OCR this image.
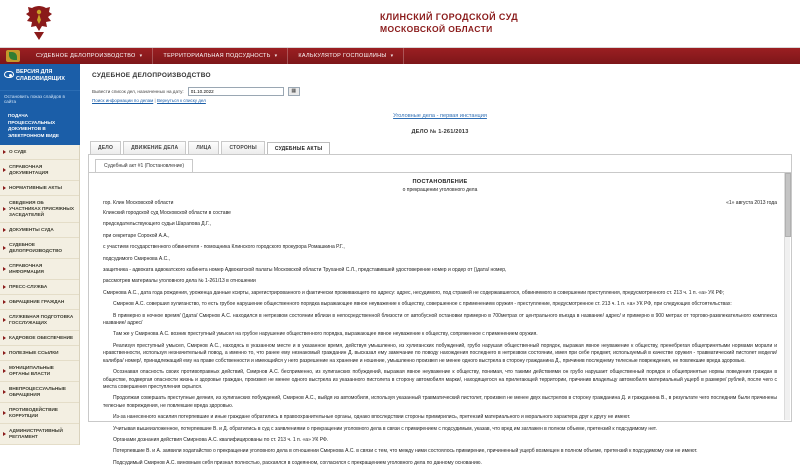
КЛИНСКИЙ ГОРОДСКОЙ СУД
МОСКОВСКОЙ ОБЛАСТИ
СУДЕБНОЕ ДЕЛОПРОИЗВОДСТВО ▾	ТЕРРИТОРИАЛЬНАЯ ПОДСУДНОСТЬ ▾	КАЛЬКУЛЯТОР ГОСПОШЛИНЫ ▾
ВЕРСИЯ ДЛЯ
СЛАБОВИДЯЩИХ
Остановить показ слайдов в сайта
ПОДАЧА ПРОЦЕССУАЛЬНЫХ ДОКУМЕНТОВ В ЭЛЕКТРОННОМ ВИДЕ
О СУДЕ
СПРАВОЧНАЯ ДОКУМЕНТАЦИЯ
НОРМАТИВНЫЕ АКТЫ
СВЕДЕНИЯ ОБ УЧАСТНИКАХ ПРИСЯЖНЫХ ЗАСЕДАТЕЛЕЙ
ДОКУМЕНТЫ СУДА
СУДЕБНОЕ ДЕЛОПРОИЗВОДСТВО
СПРАВОЧНАЯ ИНФОРМАЦИЯ
ПРЕСС-СЛУЖБА
ОБРАЩЕНИЕ ГРАЖДАН
СЛУЖЕБНАЯ ПОДГОТОВКА ГОССЛУЖАЩИХ
КАДРОВОЕ ОБЕСПЕЧЕНИЕ
ПОЛЕЗНЫЕ ССЫЛКИ
МУНИЦИПАЛЬНЫЕ ОРГАНЫ ВЛАСТИ
ВНЕПРОЦЕССУАЛЬНЫЕ ОБРАЩЕНИЯ
ПРОТИВОДЕЙСТВИЕ КОРРУПЦИИ
АДМИНИСТРАТИВНЫЙ РЕГЛАМЕНТ
СУДЕБНОЕ ДЕЛОПРОИЗВОДСТВО
Вывести список дел, назначенных на дату:
01.10.2022	▦
Поиск информации по делам | Вернуться к списку дел
Уголовные дела - первая инстанция
ДЕЛО № 1-261/2013
ДЕЛО	ДВИЖЕНИЕ ДЕЛА	ЛИЦА	СТОРОНЫ	СУДЕБНЫЕ АКТЫ
Судебный акт #1 (Постановление)
ПОСТАНОВЛЕНИЕ
о прекращении уголовного дела
гор. Клин Московской области	«1» августа 2013 года
Клинский городской суд Московской области в составе
председательствующего судьи Шарапова Д.Г.,
при секретаре Сорокой А.А.,
с участием государственного обвинителя - помощника Клинского городского прокурора Ромашкина Р.Г.,
подсудимого Смирнова А.С.,
защитника - адвоката адвокатского кабинета номер Адвокатской палаты Московской области Труханой С.Л., представившей удостоверение номер и ордер от ()дата/ номер,
рассмотрев материалы уголовного дела № 1-261/13 в отношении
Смирнова А.С., дата года рождения, уроженца данные ксирты, зарегистрированного и фактически проживающего по адресу: адрес, несудимого, под стражей не содержавшегося, обвиняемого в совершении преступления, предусмотренного ст. 213 ч. 1 п. «а» УК РФ;
Смирнов А.С. совершил хулиганство, то есть грубое нарушение общественного порядка выражающее явное неуважение к обществу, совершенное с применением оружия - преступление, предусмотренное ст. 213 ч. 1 п. «а» УК РФ, при следующих обстоятельствах:
В примерно в ночное время/ ()дата/ Смирнов А.С. находился в нетрезвом состоянии вблизи в непосредственной близости от автобусной остановки примерно в 700метрах от центрального въезда в название/ адрес/ и примерно в 900 метрах от торгово-развлекательного комплекса название/ адрес/
Там же у Смирнова А.С. возник преступный умысел на грубое нарушение общественного порядка, выражающее явное неуважение к обществу, сопряженное с применением оружия.
Реализуя преступный умысел, Смирнов А.С., находясь в указанном месте и в указанное время, действуя умышленно, из хулиганских побуждений, грубо нарушая общественный порядок, выражая явное неуважение к обществу, пренебрегая общепринятыми нормами морали и нравственности, используя незначительный повод, а именно то, что ранее ему незнакомый гражданин Д. высказал ему замечание по поводу нахождения последнего в нетрезвом состоянии, имея при себе предмет, используемый в качестве оружия - травматический пистолет модели/ калибра/ номер/, принадлежащий ему на праве собственности и имеющийся у него разрешение на хранение и ношение, умышленно произвел не менее одного выстрела в сторону гражданина Д., причинив последнему телесные повреждения, не повлекшие вреда здоровью.
Осознавая опасность своих противоправных действий, Смирнов А.С. бесприменно, из хулиганских побуждений, выражая явное неуважение к обществу, понимая, что такими действиями он грубо нарушает общественный порядок и общепринятые нормы поведения граждан в обществе, подвергая опасности жизнь и здоровье граждан, произвел не менее одного выстрела из указанного пистолета в сторону автомобиля марки/, находящегося на прилегающей территории, причинив владельцу автомобиля материальный ущерб в размере/ рублей, после чего с места совершения преступления скрылся.
Продолжая совершать преступные деяния, из хулиганских побуждений, Смирнов А.С., выйдя из автомобиля, используя указанный травматический пистолет, произвел не менее двух выстрелов в сторону гражданина Д. и гражданина В., в результате чего последним были причинены телесные повреждения, не повлекшие вреда здоровью.
Из-за нанесенного насилия потерпевшие и иные граждане обратились в правоохранительные органы, однако впоследствии стороны примирились, претензий материального и морального характера друг к другу не имеют.
Учитывая вышеизложенное, потерпевшие В. и Д. обратились в суд с заявлениями о прекращении уголовного дела в связи с примирением с подсудимым, указав, что вред им заглажен в полном объеме, претензий к подсудимому нет.
Органами дознания действия Смирнова А.С. квалифицированы по ст. 213 ч. 1 п. «а» УК РФ.
Потерпевшие В. и А. заявили ходатайство о прекращении уголовного дела в отношении Смирнова А.С. в связи с тем, что между ними состоялось примирение, причиненный ущерб возмещен в полном объеме, претензий к подсудимому они не имеют.
Подсудимый Смирнов А.С. виновным себя признал полностью, раскаялся в содеянном, согласился с прекращением уголовного дела по данному основанию.
